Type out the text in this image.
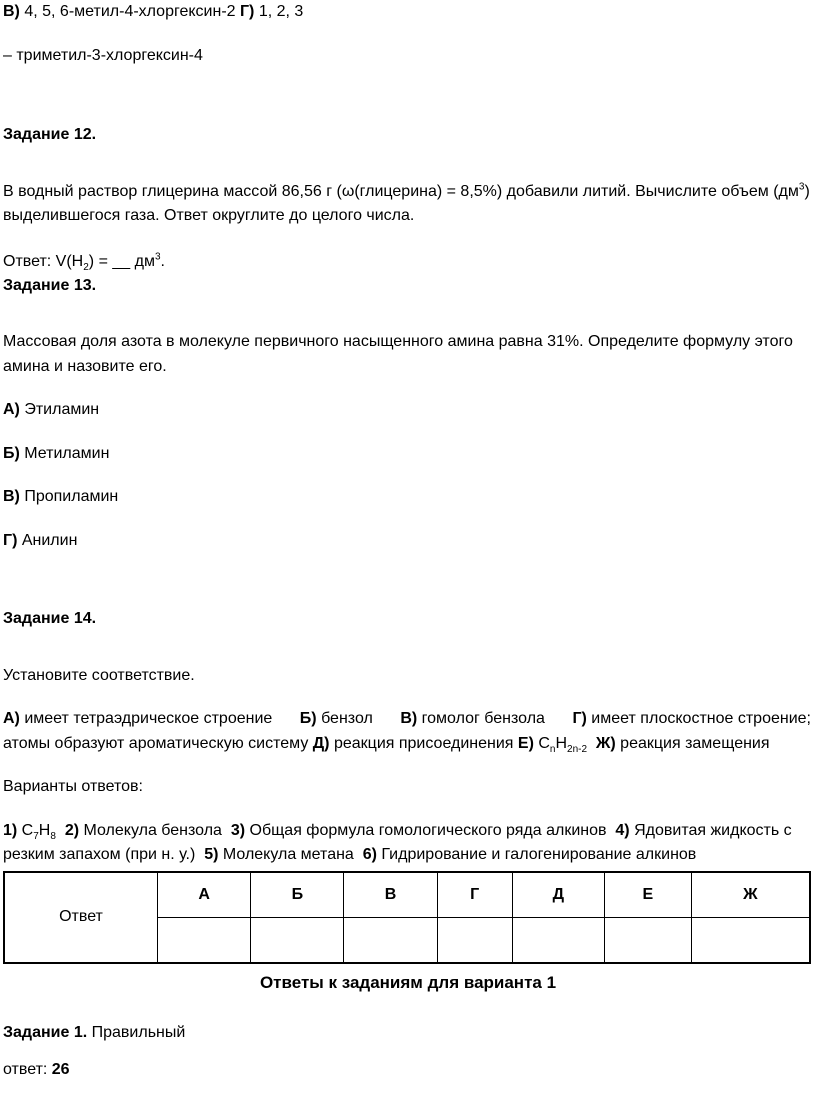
В) 4, 5, 6-метил-4-хлоргексин-2 Г) 1, 2, 3

– триметил-3-хлоргексин-4

Задание 12.

В водный раствор глицерина массой 86,56 г (ω(глицерина) = 8,5%) добавили литий. Вычислите объем $(дм^3)$

выделившегося газа. Ответ округлите до целого числа.

Ответ: $V(H_2)$ = __ $дм^3$.

Задание 13.

Массовая доля азота в молекуле первичного насыщенного амина равна 31%. Определите формулу этого

амина и назовите его.

А) Этиламин

Б) Метиламин

В) Пропиламин

Г) Анилин

Задание 14.

Установите соответствие.

А) имеет тетраэдрическое строение Б) бензол В) гомолог бензола Г) имеет плоскостное строение;

атомы образуют ароматическую систему Д) реакция присоединения Е) $C_nH_{2n-2}$ Ж) реакция замещения

Варианты ответов:

1) $C_7H_8$ 2) Молекула бензола  3) Общая формула гомологического ряда алкинов  4) Ядовитая жидкость с

резким запахом (при н. у.)  5) Молекула метана  6) Гидрирование и галогенирование алкинов

Ответ	А	Б	В	Г	Д	Е	Ж

Ответы к заданиям для варианта 1

Задание 1. Правильный

ответ: 26
